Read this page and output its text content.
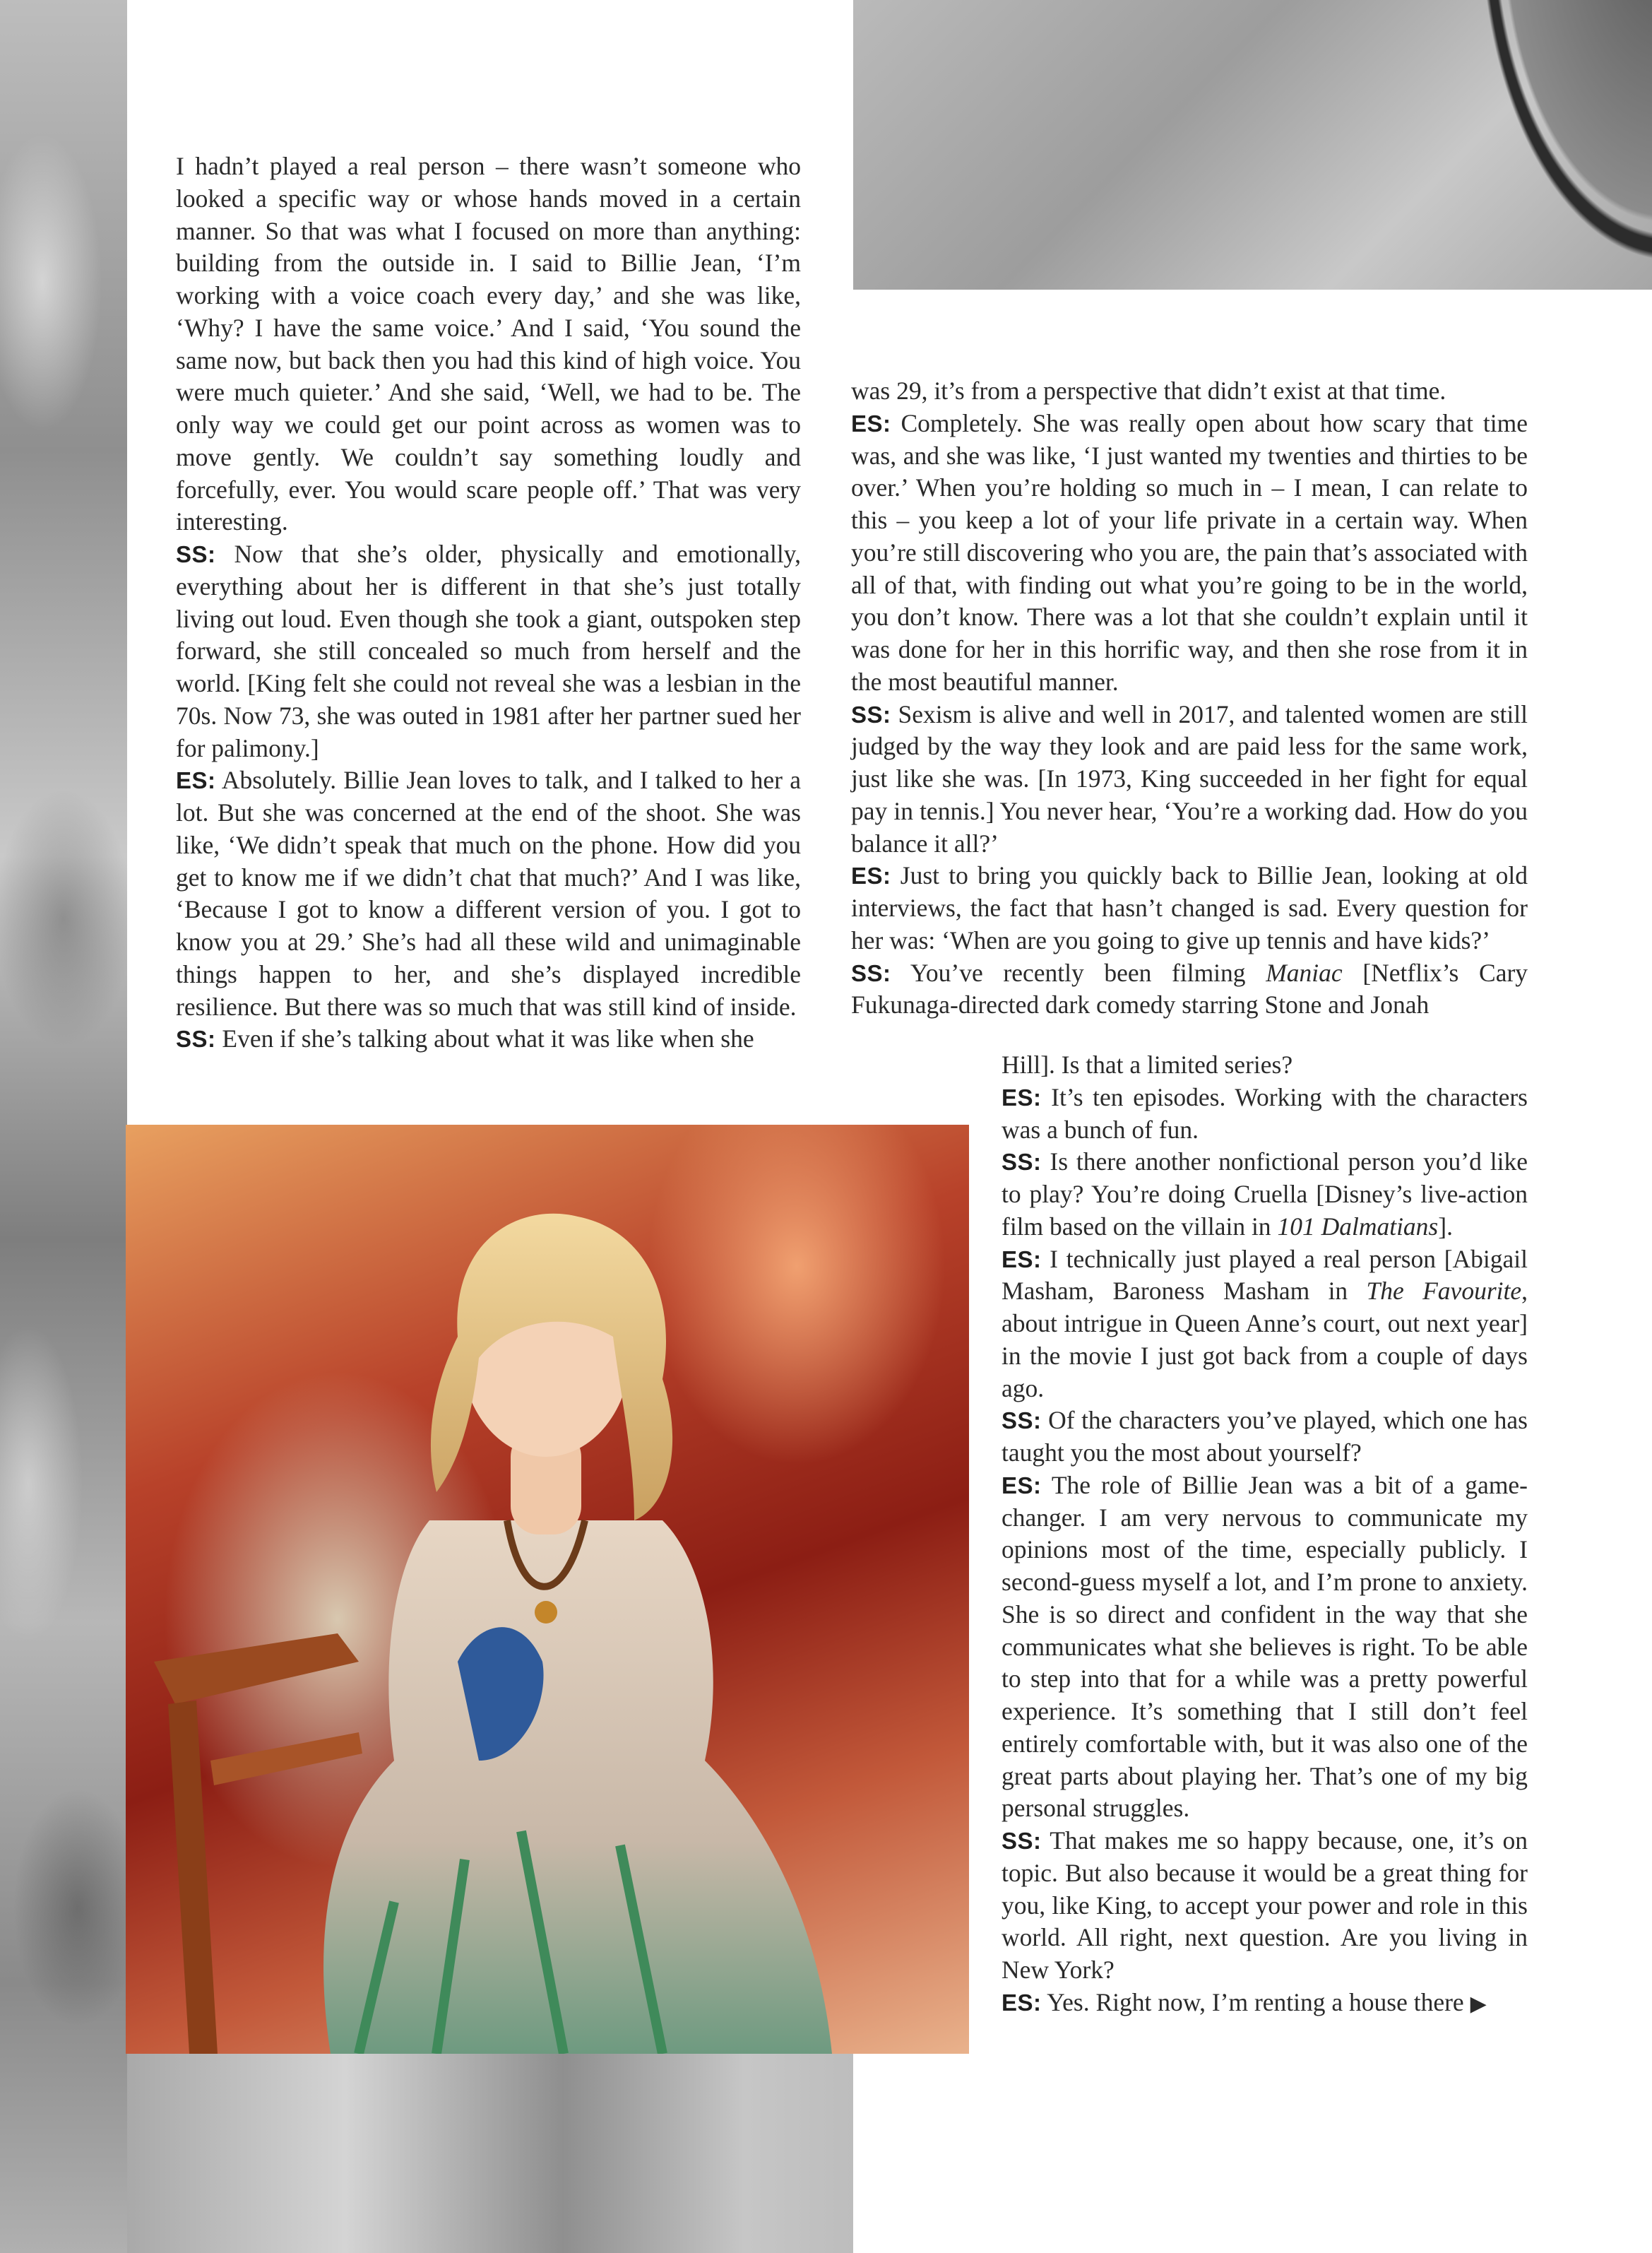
I hadn’t played a real person – there wasn’t someone who looked a specific way or whose hands moved in a certain manner. So that was what I focused on more than anything: building from the outside in. I said to Billie Jean, ‘I’m working with a voice coach every day,’ and she was like, ‘Why? I have the same voice.’ And I said, ‘You sound the same now, but back then you had this kind of high voice. You were much quieter.’ And she said, ‘Well, we had to be. The only way we could get our point across as women was to move gently. We couldn’t say something loudly and forcefully, ever. You would scare people off.’ That was very interesting.

SS: Now that she’s older, physically and emotionally, everything about her is different in that she’s just totally living out loud. Even though she took a giant, outspoken step forward, she still concealed so much from herself and the world. [King felt she could not reveal she was a lesbian in the 70s. Now 73, she was outed in 1981 after her partner sued her for palimony.]

ES: Absolutely. Billie Jean loves to talk, and I talked to her a lot. But she was concerned at the end of the shoot. She was like, ‘We didn’t speak that much on the phone. How did you get to know me if we didn’t chat that much?’ And I was like, ‘Because I got to know a different version of you. I got to know you at 29.’ She’s had all these wild and unimaginable things happen to her, and she’s displayed incredible resilience. But there was so much that was still kind of inside.

SS: Even if she’s talking about what it was like when she

was 29, it’s from a perspective that didn’t exist at that time.

ES: Completely. She was really open about how scary that time was, and she was like, ‘I just wanted my twenties and thirties to be over.’ When you’re holding so much in – I mean, I can relate to this – you keep a lot of your life private in a certain way. When you’re still discovering who you are, the pain that’s associated with all of that, with finding out what you’re going to be in the world, you don’t know. There was a lot that she couldn’t explain until it was done for her in this horrific way, and then she rose from it in the most beautiful manner.

SS: Sexism is alive and well in 2017, and talented women are still judged by the way they look and are paid less for the same work, just like she was. [In 1973, King succeeded in her fight for equal pay in tennis.] You never hear, ‘You’re a working dad. How do you balance it all?’

ES: Just to bring you quickly back to Billie Jean, looking at old interviews, the fact that hasn’t changed is sad. Every question for her was: ‘When are you going to give up tennis and have kids?’

SS: You’ve recently been filming Maniac [Netflix’s Cary Fukunaga-directed dark comedy starring Stone and Jonah

Hill]. Is that a limited series?

ES: It’s ten episodes. Working with the characters was a bunch of fun.

SS: Is there another nonfictional person you’d like to play? You’re doing Cruella [Disney’s live-action film based on the villain in 101 Dalmatians].

ES: I technically just played a real person [Abigail Masham, Baroness Masham in The Favourite, about intrigue in Queen Anne’s court, out next year] in the movie I just got back from a couple of days ago.

SS: Of the characters you’ve played, which one has taught you the most about yourself?

ES: The role of Billie Jean was a bit of a game-changer. I am very nervous to communicate my opinions most of the time, especially publicly. I second-guess myself a lot, and I’m prone to anxiety. She is so direct and confident in the way that she communicates what she believes is right. To be able to step into that for a while was a pretty powerful experience. It’s something that I still don’t feel entirely comfortable with, but it was also one of the great parts about playing her. That’s one of my big personal struggles.

SS: That makes me so happy because, one, it’s on topic. But also because it would be a great thing for you, like King, to accept your power and role in this world. All right, next question. Are you living in New York?

ES: Yes. Right now, I’m renting a house there ▶
